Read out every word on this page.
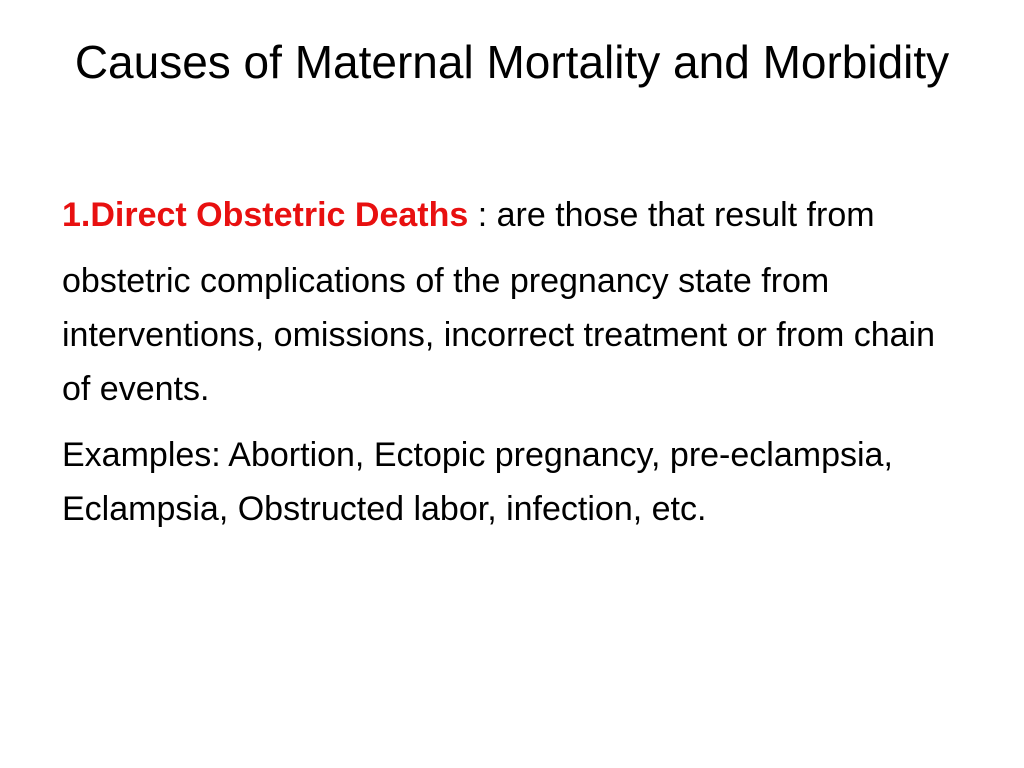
Causes of Maternal Mortality and Morbidity

1.Direct Obstetric Deaths : are those that result from

obstetric complications of the pregnancy state from interventions, omissions, incorrect treatment or from chain of events.

Examples: Abortion, Ectopic pregnancy, pre-eclampsia, Eclampsia, Obstructed labor, infection, etc.
